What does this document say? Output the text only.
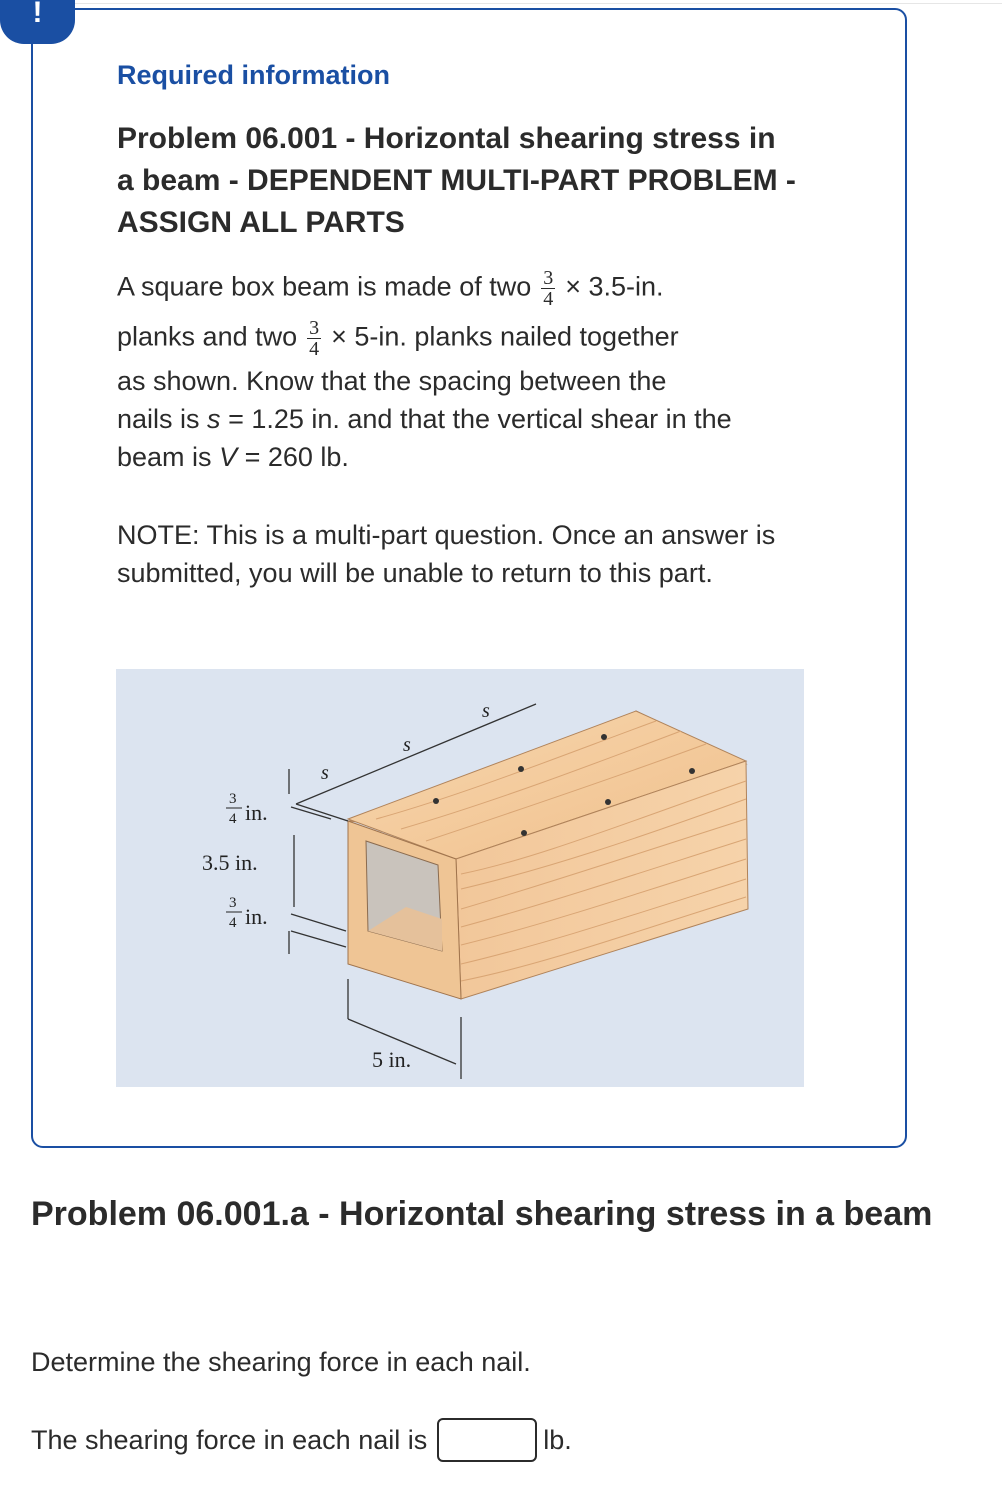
!
Required information
Problem 06.001 - Horizontal shearing stress in a beam - DEPENDENT MULTI-PART PROBLEM - ASSIGN ALL PARTS

A square box beam is made of two $\frac{3}{4} \times 3.5-in$.

planks and two $\frac{3}{4} \times 5-in$. planks nailed together

as shown. Know that the spacing between the

nails is s = 1.25 in. and that the vertical shear in the

beam is V = 260 lb.

NOTE: This is a multi-part question. Once an answer is submitted, you will be unable to return to this part.

s
s
s
3
4 in.
3.5 in.
3
4 in.
5 in.
Problem 06.001.a - Horizontal shearing stress in a beam

Determine the shearing force in each nail.

The shearing force in each nail is	lb.
